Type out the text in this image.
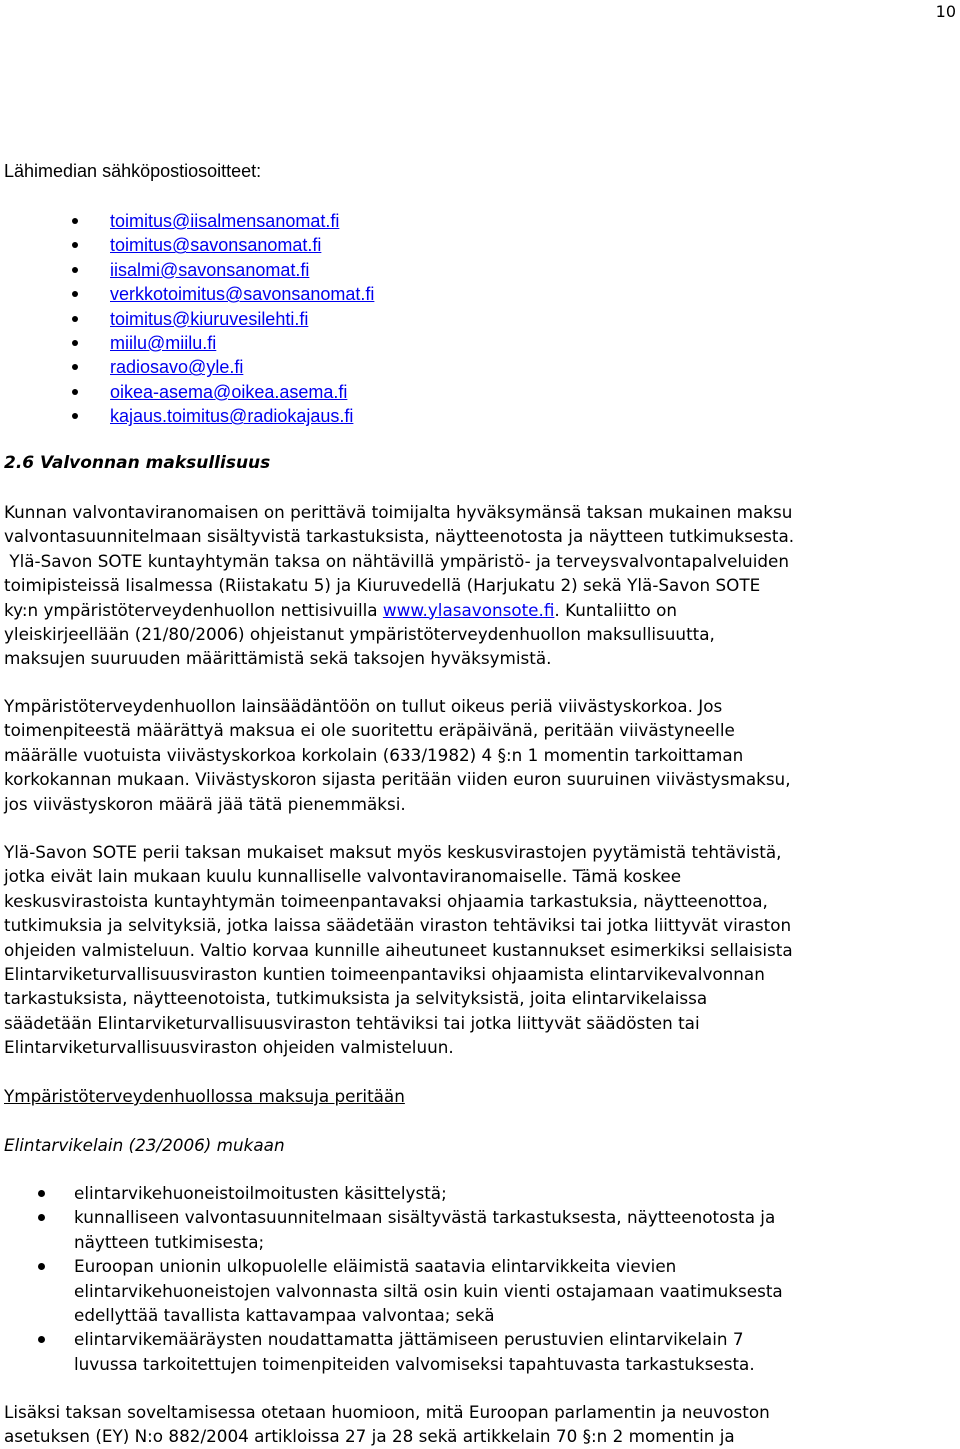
10
Lähimedian sähköpostiosoitteet:
toimitus@iisalmensanomat.fi
toimitus@savonsanomat.fi
iisalmi@savonsanomat.fi
verkkotoimitus@savonsanomat.fi
toimitus@kiuruvesilehti.fi
miilu@miilu.fi
radiosavo@yle.fi
oikea-asema@oikea.asema.fi
kajaus.toimitus@radiokajaus.fi
2.6 Valvonnan maksullisuus
Kunnan valvontaviranomaisen on perittävä toimijalta hyväksymänsä taksan mukainen maksu
valvontasuunnitelmaan sisältyvistä tarkastuksista, näytteenotosta ja näytteen tutkimuksesta.
Ylä-Savon SOTE kuntayhtymän taksa on nähtävillä ympäristö- ja terveysvalvontapalveluiden
toimipisteissä Iisalmessa (Riistakatu 5) ja Kiuruvedellä (Harjukatu 2) sekä Ylä-Savon SOTE
ky:n ympäristöterveydenhuollon nettisivuilla www.ylasavonsote.fi. Kuntaliitto on
yleiskirjeellään (21/80/2006) ohjeistanut ympäristöterveydenhuollon maksullisuutta,
maksujen suuruuden määrittämistä sekä taksojen hyväksymistä.
Ympäristöterveydenhuollon lainsäädäntöön on tullut oikeus periä viivästyskorkoa. Jos
toimenpiteestä määrättyä maksua ei ole suoritettu eräpäivänä, peritään viivästyneelle
määrälle vuotuista viivästyskorkoa korkolain (633/1982) 4 §:n 1 momentin tarkoittaman
korkokannan mukaan. Viivästyskoron sijasta peritään viiden euron suuruinen viivästysmaksu,
jos viivästyskoron määrä jää tätä pienemmäksi.
Ylä-Savon SOTE perii taksan mukaiset maksut myös keskusvirastojen pyytämistä tehtävistä,
jotka eivät lain mukaan kuulu kunnalliselle valvontaviranomaiselle. Tämä koskee
keskusvirastoista kuntayhtymän toimeenpantavaksi ohjaamia tarkastuksia, näytteenottoa,
tutkimuksia ja selvityksiä, jotka laissa säädetään viraston tehtäviksi tai jotka liittyvät viraston
ohjeiden valmisteluun. Valtio korvaa kunnille aiheutuneet kustannukset esimerkiksi sellaisista
Elintarviketurvallisuusviraston kuntien toimeenpantaviksi ohjaamista elintarvikevalvonnan
tarkastuksista, näytteenotoista, tutkimuksista ja selvityksistä, joita elintarvikelaissa
säädetään Elintarviketurvallisuusviraston tehtäviksi tai jotka liittyvät säädösten tai
Elintarviketurvallisuusviraston ohjeiden valmisteluun.
Ympäristöterveydenhuollossa maksuja peritään
Elintarvikelain (23/2006) mukaan
elintarvikehuoneistoilmoitusten käsittelystä;
kunnalliseen valvontasuunnitelmaan sisältyvästä tarkastuksesta, näytteenotosta ja
näytteen tutkimisesta;
Euroopan unionin ulkopuolelle eläimistä saatavia elintarvikkeita vievien
elintarvikehuoneistojen valvonnasta siltä osin kuin vienti ostajamaan vaatimuksesta
edellyttää tavallista kattavampaa valvontaa; sekä
elintarvikemääräysten noudattamatta jättämiseen perustuvien elintarvikelain 7
luvussa tarkoitettujen toimenpiteiden valvomiseksi tapahtuvasta tarkastuksesta.
Lisäksi taksan soveltamisessa otetaan huomioon, mitä Euroopan parlamentin ja neuvoston
asetuksen (EY) N:o 882/2004 artikloissa 27 ja 28 sekä artikkelain 70 §:n 2 momentin ja
